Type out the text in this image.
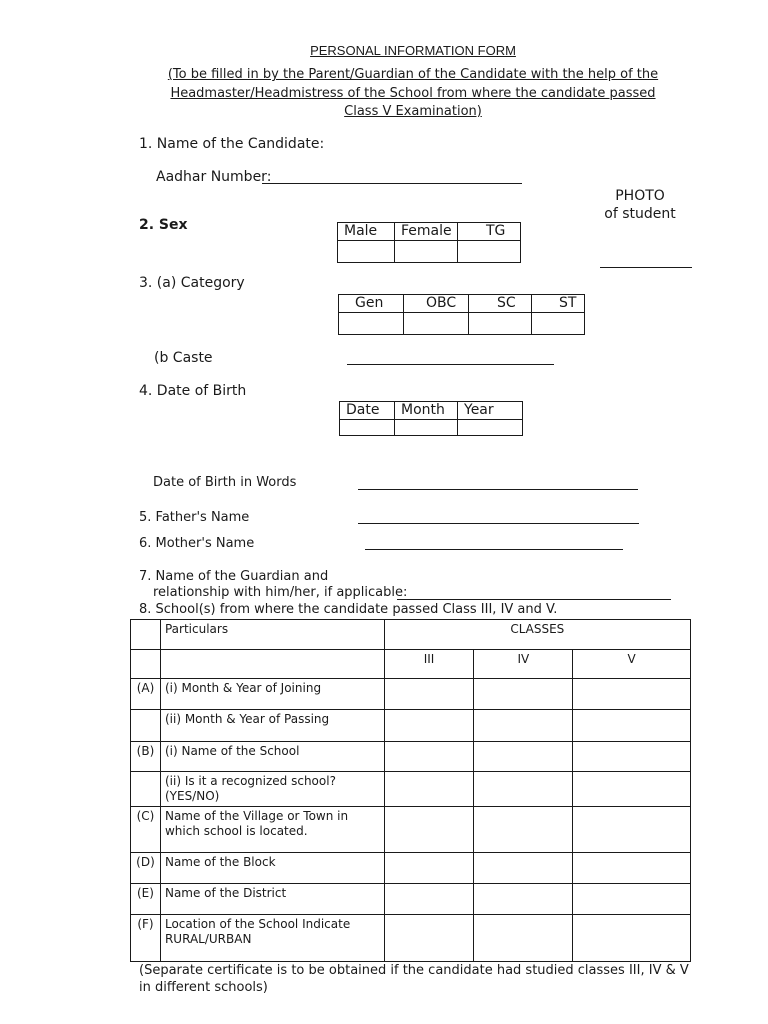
PERSONAL INFORMATION FORM
(To be filled in by the Parent/Guardian of the Candidate with the help of the
Headmaster/Headmistress of the School from where the candidate passed
Class V Examination)
1. Name of the Candidate:
Aadhar Number:
PHOTO
of student
2. Sex	Male	Female	TG

3. (a) Category
Gen	OBC	SC	ST

(b Caste
4. Date of Birth
Date	Month	Year

Date of Birth in Words
5. Father's Name
6. Mother's Name
7. Name of the Guardian and
relationship with him/her, if applicable:
8. School(s) from where the candidate passed Class III, IV and V.
	Particulars	CLASSES		
		III	IV	V
(A)	(i) Month & Year of Joining			
	(ii) Month & Year of Passing			
(B)	(i) Name of the School			
	(ii) Is it a recognized school? (YES/NO)			
(C)	Name of the Village or Town in which school is located.			
(D)	Name of the Block			
(E)	Name of the District			
(F)	Location of the School Indicate RURAL/URBAN			
(Separate certificate is to be obtained if the candidate had studied classes III, IV & V in different schools)
